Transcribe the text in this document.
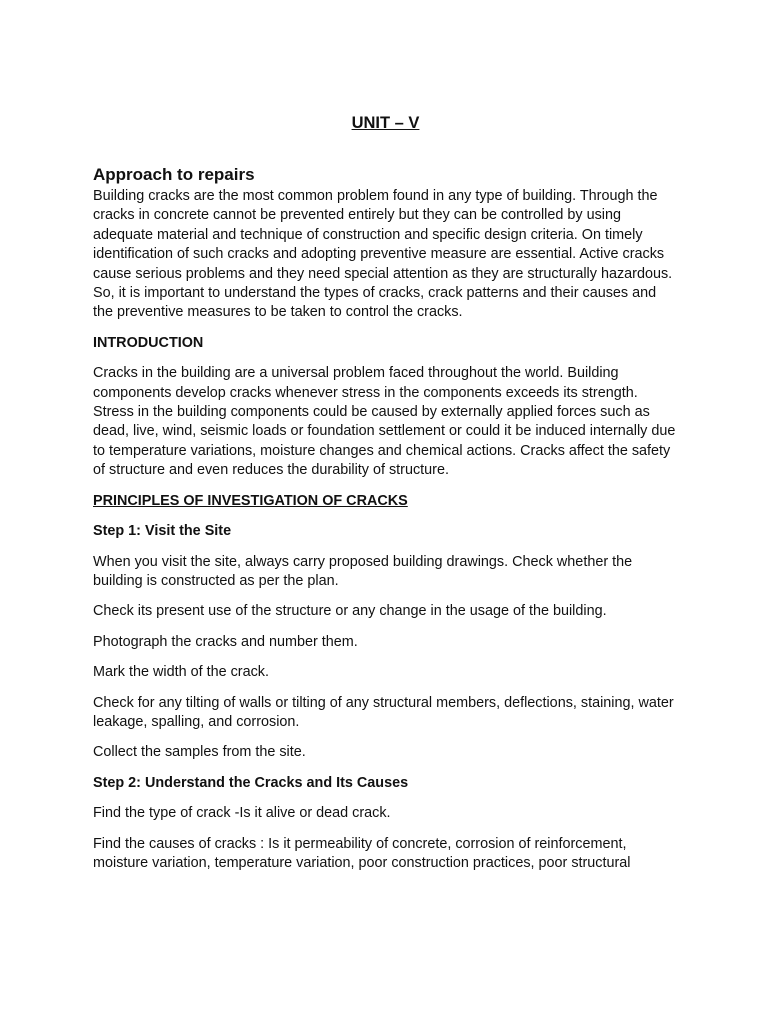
UNIT – V
Approach to repairs

Building cracks are the most common problem found in any type of building. Through the cracks in concrete cannot be prevented entirely but they can be controlled by using adequate material and technique of construction and specific design criteria. On timely identification of such cracks and adopting preventive measure are essential. Active cracks cause serious problems and they need special attention as they are structurally hazardous. So, it is important to understand the types of cracks, crack patterns and their causes and the preventive measures to be taken to control the cracks.

INTRODUCTION

Cracks in the building are a universal problem faced throughout the world. Building components develop cracks whenever stress in the components exceeds its strength. Stress in the building components could be caused by externally applied forces such as dead, live, wind, seismic loads or foundation settlement or could it be induced internally due to temperature variations, moisture changes and chemical actions. Cracks affect the safety of structure and even reduces the durability of structure.

PRINCIPLES OF INVESTIGATION OF CRACKS
Step 1: Visit the Site

When you visit the site, always carry proposed building drawings. Check whether the building is constructed as per the plan.

Check its present use of the structure or any change in the usage of the building.

Photograph the cracks and number them.

Mark the width of the crack.

Check for any tilting of walls or tilting of any structural members, deflections, staining, water leakage, spalling, and corrosion.

Collect the samples from the site.

Step 2: Understand the Cracks and Its Causes

Find the type of crack -Is it alive or dead crack.

Find the causes of cracks : Is it permeability of concrete, corrosion of reinforcement, moisture variation, temperature variation, poor construction practices, poor structural
